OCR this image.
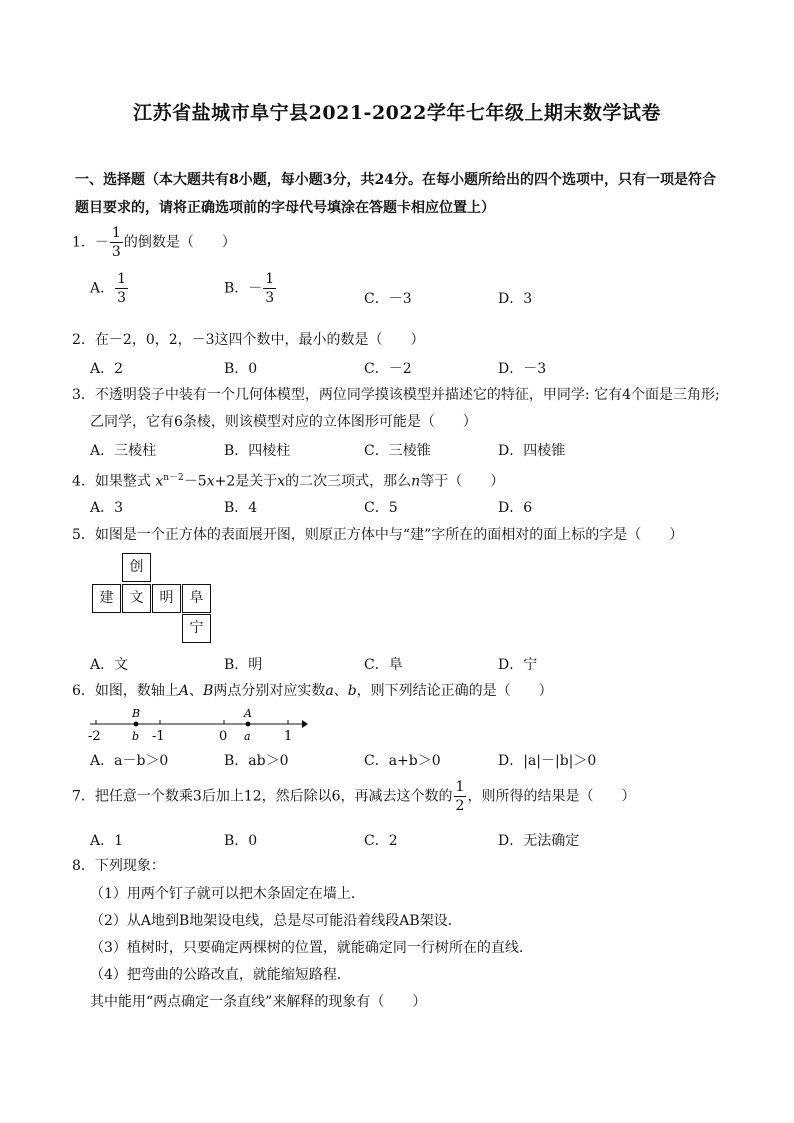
江苏省盐城市阜宁县2021-2022学年七年级上期末数学试卷
一、选择题（本大题共有8小题，每小题3分，共24分。在每小题所给出的四个选项中，只有一项是符合
题目要求的，请将正确选项前的字母代号填涂在答题卡相应位置上）
1．－ $\frac{1}{3}$ 的倒数是（　　）
A． $\frac{1}{3}$	B．－ $\frac{1}{3}$	C．－3	D．3
2．在－2，0，2，－3这四个数中，最小的数是（　　）
A．2	B．0	C．－2	D．－3
3．不透明袋子中装有一个几何体模型，两位同学摸该模型并描述它的特征，甲同学: 它有4个面是三角形;
乙同学，它有6条棱，则该模型对应的立体图形可能是（　　）
A．三棱柱	B．四棱柱	C．三棱锥	D．四棱锥
4．如果整式 $x^{n-2}-5x+2$是关于x的二次三项式，那么n等于（　　）
A．3	B．4	C．5	D．6
5．如图是一个正方体的表面展开图，则原正方体中与“建”字所在的面相对的面上标的字是（　　）
创
建	文	明	阜
宁
A．文	B．明	C．阜	D．宁
6．如图，数轴上A、B两点分别对应实数a、b，则下列结论正确的是（　　）
B	A
-2	-1	0	1
b	a
A．a－b＞0	B．ab＞0	C．a+b＞0	D．|a|－|b|＞0
7．把任意一个数乘3后加上12，然后除以6，再减去这个数的 $\frac{1}{2}$ ，则所得的结果是（　　）
A．1	B．0	C．2	D．无法确定
8．下列现象：
（1）用两个钉子就可以把木条固定在墙上．
（2）从A地到B地架设电线，总是尽可能沿着线段AB架设．
（3）植树时，只要确定两棵树的位置，就能确定同一行树所在的直线．
（4）把弯曲的公路改直，就能缩短路程．
其中能用“两点确定一条直线”来解释的现象有（　　）
